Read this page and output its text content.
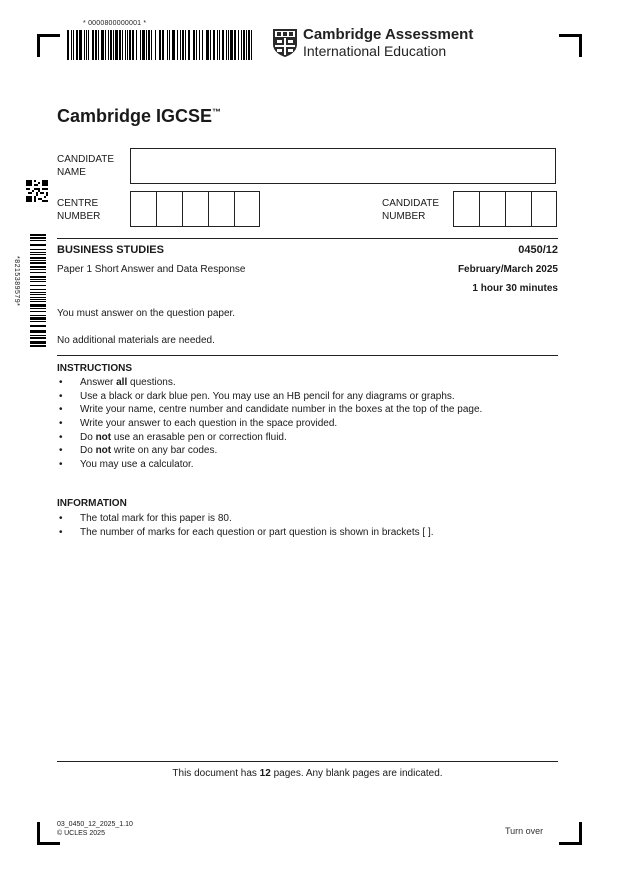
* 0000800000001 *
Cambridge Assessment
International Education
*8215389579*
Cambridge IGCSE™
CANDIDATE
NAME
CENTRE
NUMBER
CANDIDATE
NUMBER
BUSINESS STUDIES	0450/12
Paper 1 Short Answer and Data Response	February/March 2025
1 hour 30 minutes
You must answer on the question paper.
No additional materials are needed.
INSTRUCTIONS
• Answer all questions.
• Use a black or dark blue pen. You may use an HB pencil for any diagrams or graphs.
• Write your name, centre number and candidate number in the boxes at the top of the page.
• Write your answer to each question in the space provided.
• Do not use an erasable pen or correction fluid.
• Do not write on any bar codes.
• You may use a calculator.
INFORMATION
• The total mark for this paper is 80.
• The number of marks for each question or part question is shown in brackets [ ].
This document has 12 pages. Any blank pages are indicated.
03_0450_12_2025_1.10
© UCLES 2025	Turn over
